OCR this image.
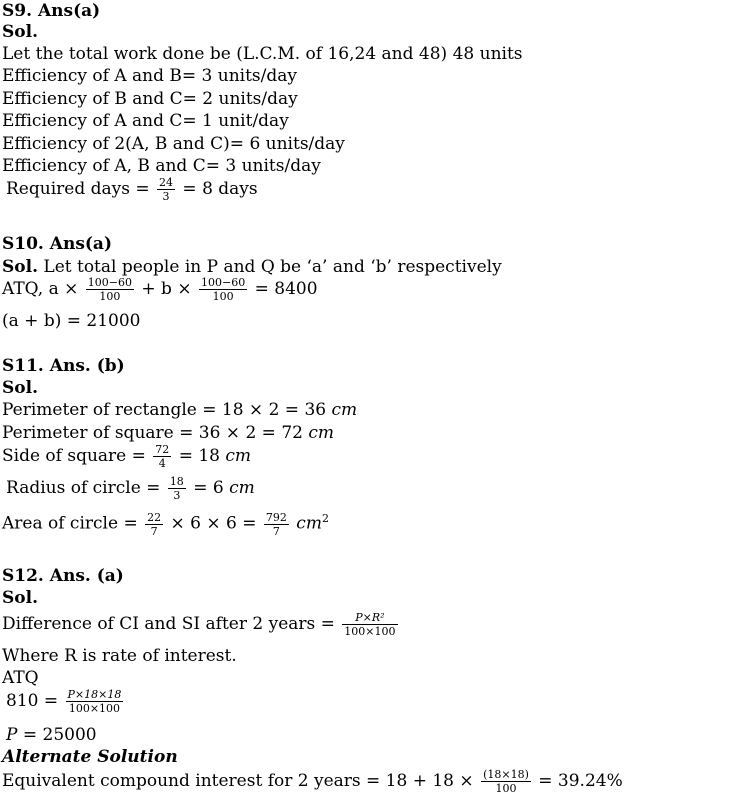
S9. Ans(a)
Sol.
Let the total work done be (L.C.M. of 16,24 and 48) 48 units
Efficiency of A and B= 3 units/day
Efficiency of B and C= 2 units/day
Efficiency of A and C= 1 unit/day
Efficiency of 2(A, B and C)= 6 units/day
Efficiency of A, B and C= 3 units/day
Required days = $\frac{24}{3} = 8$ days
S10. Ans(a)
Sol. Let total people in P and Q be ‘a’ and ‘b’ respectively
ATQ, $a \times \frac{100-60}{100} + b \times \frac{100-60}{100} = 8400$
(a + b) = 21000
S11. Ans. (b)
Sol.
Perimeter of rectangle = 18 × 2 = 36 cm
Perimeter of square = 36 × 2 = 72 cm
Side of square = $\frac{72}{4} = 18$ cm
Radius of circle = $\frac{18}{3} = 6$ cm
Area of circle = $\frac{22}{7} \times 6 \times 6 = \frac{792}{7} cm^2$
S12. Ans. (a)
Sol.
Difference of CI and SI after 2 years = $\frac{\text{P×R²}}{100\times 100}$
Where R is rate of interest.
ATQ
$810 = \frac{P\times 18\times 18}{100\times 100}$
P = 25000
Alternate Solution
Equivalent compound interest for 2 years = $18 + 18 \times \frac{(18\times 18)}{100} = 39.24\%$
